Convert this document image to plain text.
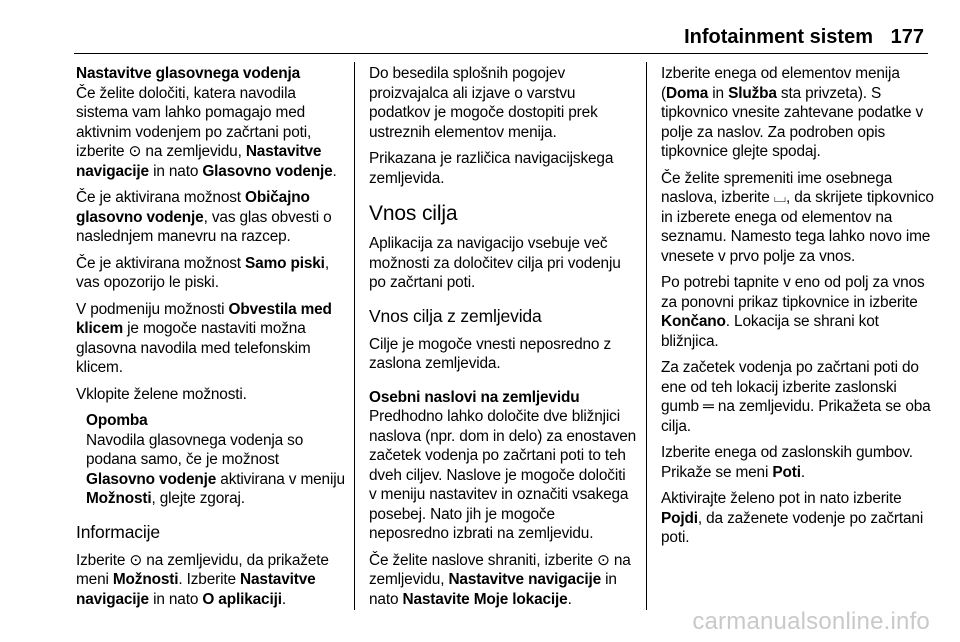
Infotainment sistem 177

Nastavitve glasovnega vodenja

Če želite določiti, katera navodila sistema vam lahko pomagajo med aktivnim vodenjem po začrtani poti, izberite ⊙ na zemljevidu, Nastavitve navigacije in nato Glasovno vodenje.

Če je aktivirana možnost Običajno glasovno vodenje, vas glas obvesti o naslednjem manevru na razcep.

Če je aktivirana možnost Samo piski, vas opozorijo le piski.

V podmeniju možnosti Obvestila med klicem je mogoče nastaviti možna glasovna navodila med telefonskim klicem.

Vklopite želene možnosti.

Opomba

Navodila glasovnega vodenja so podana samo, če je možnost Glasovno vodenje aktivirana v meniju Možnosti, glejte zgoraj.

Informacije

Izberite ⊙ na zemljevidu, da prikažete meni Možnosti. Izberite Nastavitve navigacije in nato O aplikaciji.

Do besedila splošnih pogojev proizvajalca ali izjave o varstvu podatkov je mogoče dostopiti prek ustreznih elementov menija.

Prikazana je različica navigacijskega zemljevida.

Vnos cilja

Aplikacija za navigacijo vsebuje več možnosti za določitev cilja pri vodenju po začrtani poti.

Vnos cilja z zemljevida

Cilje je mogoče vnesti neposredno z zaslona zemljevida.

Osebni naslovi na zemljevidu

Predhodno lahko določite dve bližnjici naslova (npr. dom in delo) za enostaven začetek vodenja po začrtani poti to teh dveh ciljev. Naslove je mogoče določiti v meniju nastavitev in označiti vsakega posebej. Nato jih je mogoče neposredno izbrati na zemljevidu.

Če želite naslove shraniti, izberite ⊙ na zemljevidu, Nastavitve navigacije in nato Nastavite Moje lokacije.

Izberite enega od elementov menija (Doma in Služba sta privzeta). S tipkovnico vnesite zahtevane podatke v polje za naslov. Za podroben opis tipkovnice glejte spodaj.

Če želite spremeniti ime osebnega naslova, izberite ⌴, da skrijete tipkovnico in izberete enega od elementov na seznamu. Namesto tega lahko novo ime vnesete v prvo polje za vnos.

Po potrebi tapnite v eno od polj za vnos za ponovni prikaz tipkovnice in izberite Končano. Lokacija se shrani kot bližnjica.

Za začetek vodenja po začrtani poti do ene od teh lokacij izberite zaslonski gumb ═ na zemljevidu. Prikažeta se oba cilja.

Izberite enega od zaslonskih gumbov. Prikaže se meni Poti.

Aktivirajte želeno pot in nato izberite Pojdi, da zaženete vodenje po začrtani poti.

carmanualsonline.info
